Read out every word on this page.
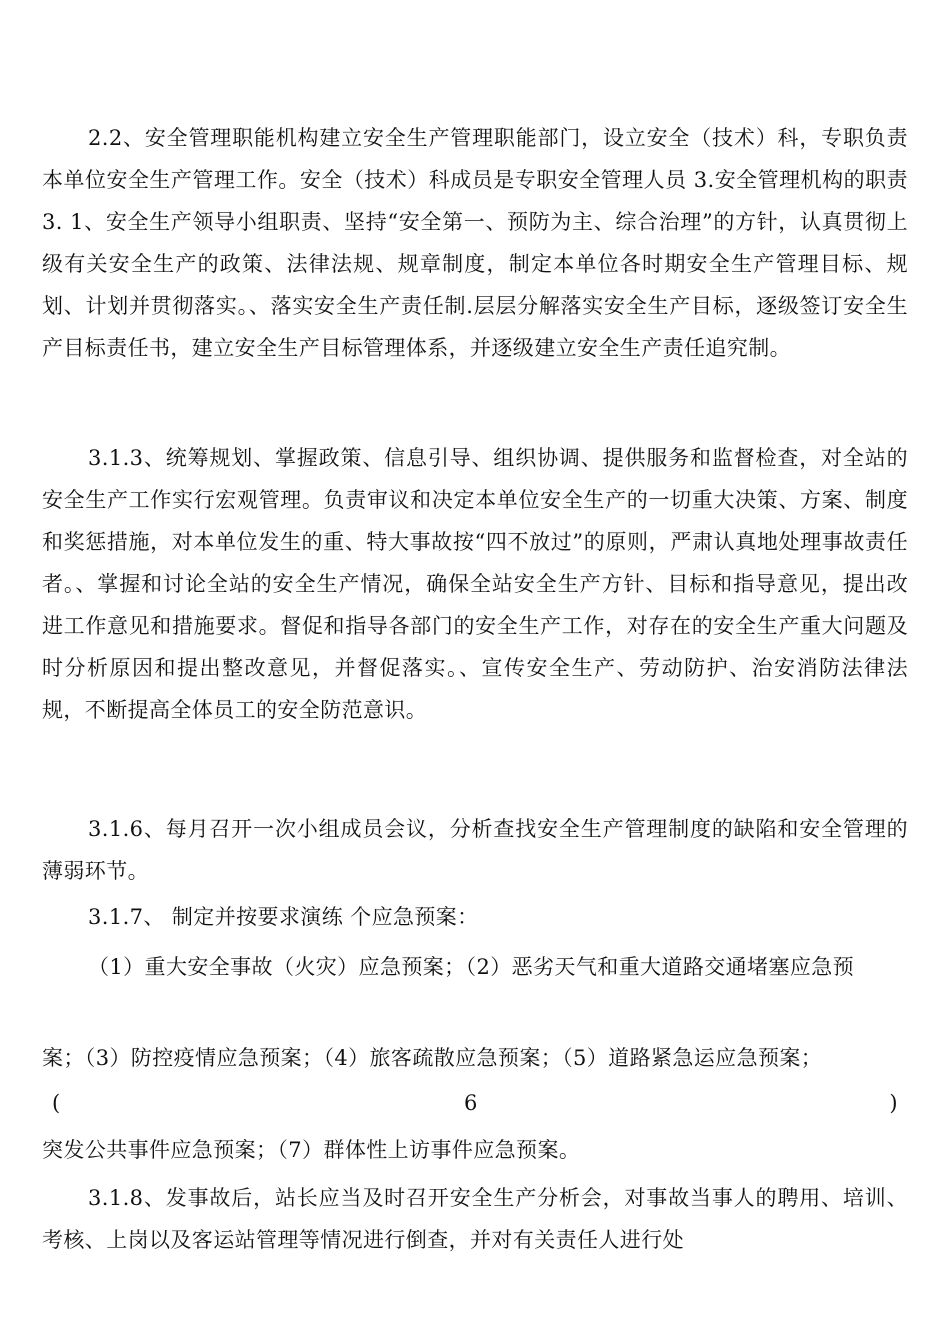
2.2、安全管理职能机构建立安全生产管理职能部门，设立安全（技术）科，专职负责本单位安全生产管理工作。安全（技术）科成员是专职安全管理人员 3.安全管理机构的职责 3. 1、安全生产领导小组职责、坚持“安全第一、预防为主、综合治理”的方针，认真贯彻上级有关安全生产的政策、法律法规、规章制度，制定本单位各时期安全生产管理目标、规划、计划并贯彻落实。、落实安全生产责任制.层层分解落实安全生产目标，逐级签订安全生产目标责任书，建立安全生产目标管理体系，并逐级建立安全生产责任追究制。

3.1.3、统筹规划、掌握政策、信息引导、组织协调、提供服务和监督检查，对全站的安全生产工作实行宏观管理。负责审议和决定本单位安全生产的一切重大决策、方案、制度和奖惩措施，对本单位发生的重、特大事故按“四不放过”的原则，严肃认真地处理事故责任者。、掌握和讨论全站的安全生产情况，确保全站安全生产方针、目标和指导意见，提出改进工作意见和措施要求。督促和指导各部门的安全生产工作，对存在的安全生产重大问题及时分析原因和提出整改意见，并督促落实。、宣传安全生产、劳动防护、治安消防法律法规，不断提高全体员工的安全防范意识。

3.1.6、每月召开一次小组成员会议，分析查找安全生产管理制度的缺陷和安全管理的薄弱环节。

3.1.7、 制定并按要求演练 个应急预案：

（1）重大安全事故（火灾）应急预案；（2）恶劣天气和重大道路交通堵塞应急预

案；（3）防控疫情应急预案；（4）旅客疏散应急预案；（5）道路紧急运应急预案；

(	6	)

突发公共事件应急预案；（7）群体性上访事件应急预案。

3.1.8、发事故后，站长应当及时召开安全生产分析会，对事故当事人的聘用、培训、考核、上岗以及客运站管理等情况进行倒查，并对有关责任人进行处
